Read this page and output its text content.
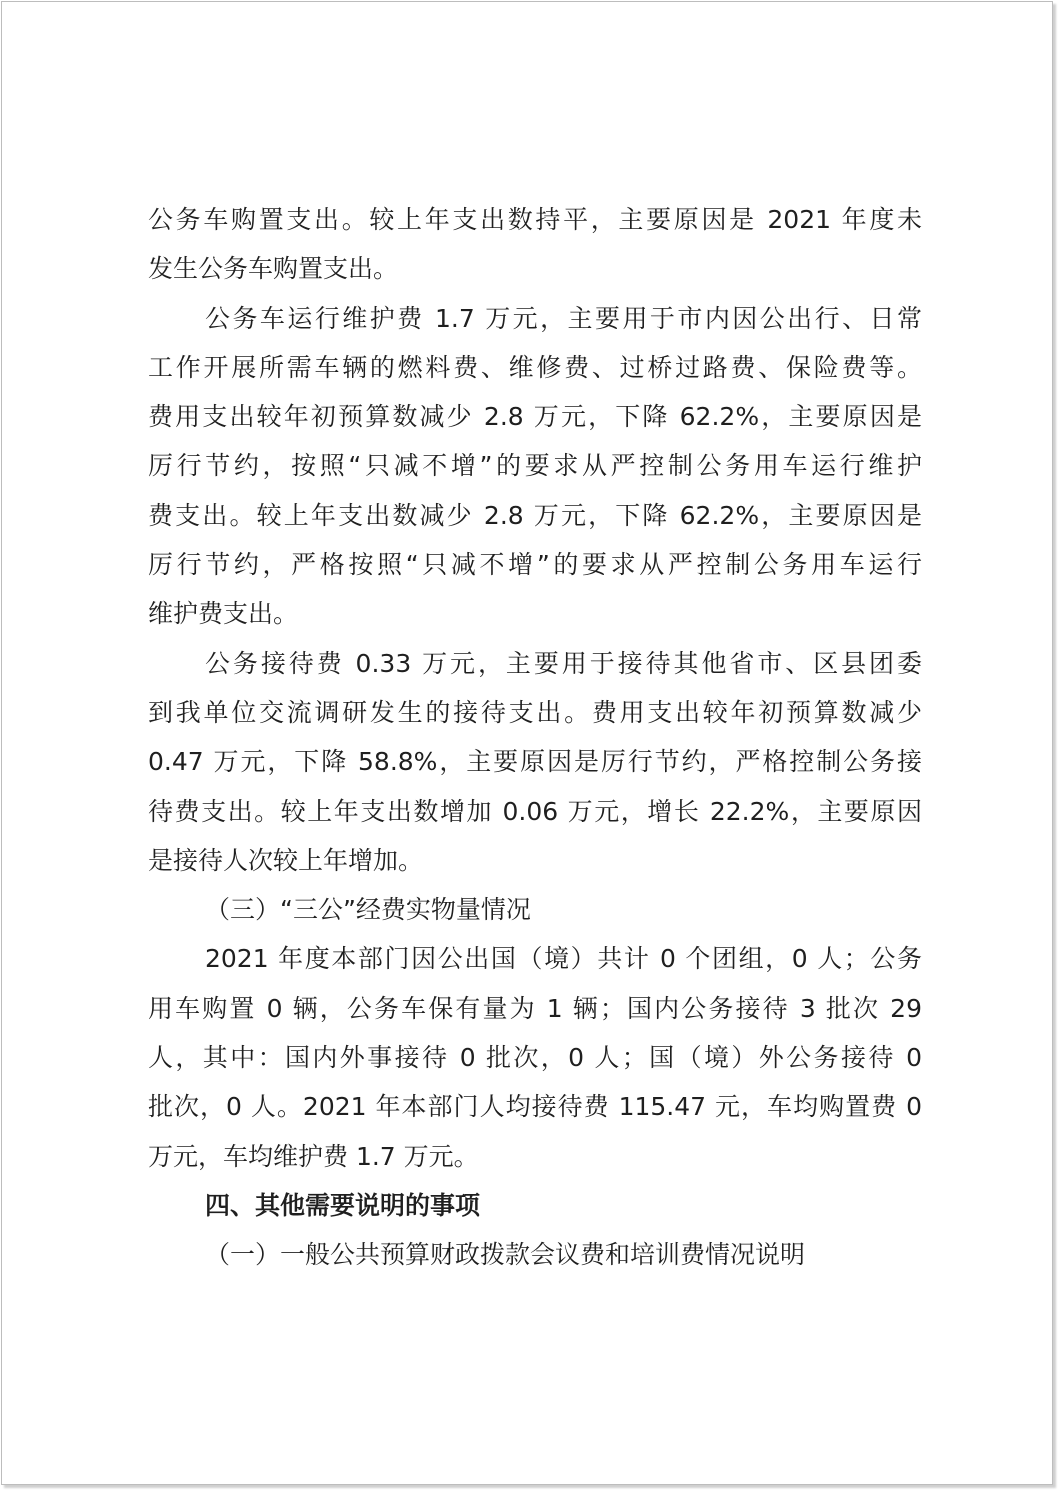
公务车购置支出。较上年支出数持平，主要原因是 2021 年度未
发生公务车购置支出。
公务车运行维护费 1.7 万元，主要用于市内因公出行、日常
工作开展所需车辆的燃料费、维修费、过桥过路费、保险费等。
费用支出较年初预算数减少 2.8 万元，下降 62.2%，主要原因是
厉行节约，按照“只减不增”的要求从严控制公务用车运行维护
费支出。较上年支出数减少 2.8 万元，下降 62.2%，主要原因是
厉行节约，严格按照“只减不增”的要求从严控制公务用车运行
维护费支出。
公务接待费 0.33 万元，主要用于接待其他省市、区县团委
到我单位交流调研发生的接待支出。费用支出较年初预算数减少
0.47 万元，下降 58.8%，主要原因是厉行节约，严格控制公务接
待费支出。较上年支出数增加 0.06 万元，增长 22.2%，主要原因
是接待人次较上年增加。
（三）“三公”经费实物量情况
2021 年度本部门因公出国（境）共计 0 个团组，0 人；公务
用车购置 0 辆，公务车保有量为 1 辆；国内公务接待 3 批次 29
人，其中：国内外事接待 0 批次，0 人；国（境）外公务接待 0
批次，0 人。2021 年本部门人均接待费 115.47 元，车均购置费 0
万元，车均维护费 1.7 万元。
四、其他需要说明的事项
（一）一般公共预算财政拨款会议费和培训费情况说明
